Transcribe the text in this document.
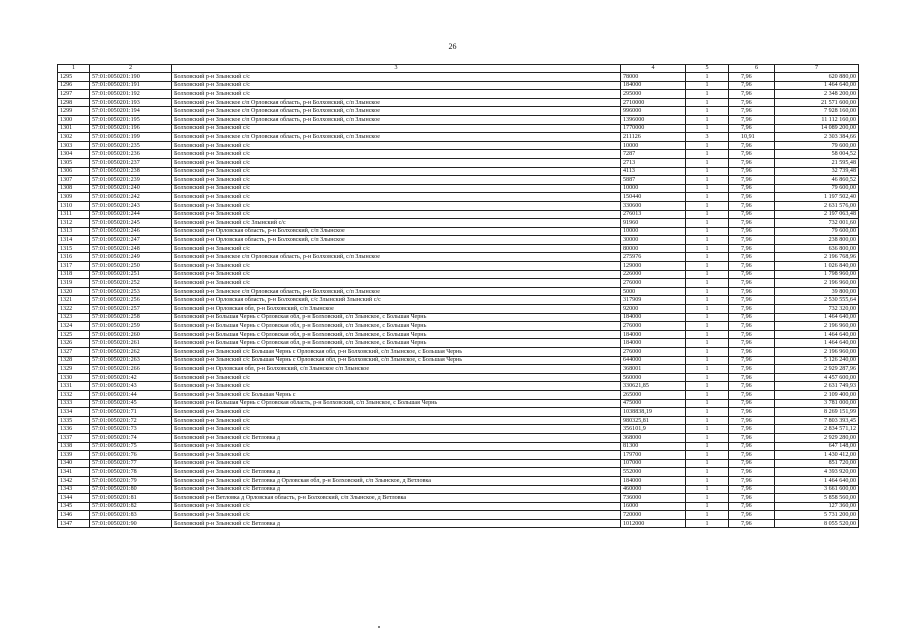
26
1	2	3	4	5	6	7
1295	57:01:0050201:190	Болховский р-н Злынский с/с	78000	1	7,96	620 880,00
1296	57:01:0050201:191	Болховский р-н Злынский с/с	184000	1	7,96	1 464 640,00
1297	57:01:0050201:192	Болховский р-н Злынский с/с	295000	1	7,96	2 348 200,00
1298	57:01:0050201:193	Болховский р-н Злынское с/п Орловская область, р-н Болховский, с/п Злынское	2710000	1	7,96	21 571 600,00
1299	57:01:0050201:194	Болховский р-н Злынское с/п Орловская область, р-н Болховский, с/п Злынское	996000	1	7,96	7 928 160,00
1300	57:01:0050201:195	Болховский р-н Злынское с/п Орловская область, р-н Болховский, с/п Злынское	1396000	1	7,96	11 112 160,00
1301	57:01:0050201:196	Болховский р-н Злынский с/с	1770000	1	7,96	14 089 200,00
1302	57:01:0050201:199	Болховский р-н Злынское с/п Орловская область, р-н Болховский, с/п Злынское	211126	3	10,91	2 303 384,66
1303	57:01:0050201:235	Болховский р-н Злынский с/с	10000	1	7,96	79 600,00
1304	57:01:0050201:236	Болховский р-н Злынский с/с	7287	1	7,96	58 004,52
1305	57:01:0050201:237	Болховский р-н Злынский с/с	2713	1	7,96	21 595,48
1306	57:01:0050201:238	Болховский р-н Злынский с/с	4113	1	7,96	32 739,48
1307	57:01:0050201:239	Болховский р-н Злынский с/с	5887	1	7,96	46 860,52
1308	57:01:0050201:240	Болховский р-н Злынский с/с	10000	1	7,96	79 600,00
1309	57:01:0050201:242	Болховский р-н Злынский с/с	150440	1	7,96	1 197 502,40
1310	57:01:0050201:243	Болховский р-н Злынский с/с	330600	1	7,96	2 631 576,00
1311	57:01:0050201:244	Болховский р-н Злынский с/с	276013	1	7,96	2 197 063,48
1312	57:01:0050201:245	Болховский р-н Злынский с/с Злынский с/с	91960	1	7,96	732 001,60
1313	57:01:0050201:246	Болховский р-н Орловская область, р-н Болховский, с/п Злынское	10000	1	7,96	79 600,00
1314	57:01:0050201:247	Болховский р-н Орловская область, р-н Болховский, с/п Злынское	30000	1	7,96	238 800,00
1315	57:01:0050201:248	Болховский р-н Злынский с/с	80000	1	7,96	636 800,00
1316	57:01:0050201:249	Болховский р-н Злынское с/п Орловская область, р-н Болховский, с/п Злынское	275976	1	7,96	2 196 768,96
1317	57:01:0050201:250	Болховский р-н Злынский с/с	129000	1	7,96	1 026 840,00
1318	57:01:0050201:251	Болховский р-н Злынский с/с	226000	1	7,96	1 798 960,00
1319	57:01:0050201:252	Болховский р-н Злынский с/с	276000	1	7,96	2 196 960,00
1320	57:01:0050201:253	Болховский р-н Злынское с/п Орловская область, р-н Болховский, с/п Злынское	5000	1	7,96	39 800,00
1321	57:01:0050201:256	Болховский р-н Орловская область, р-н Болховский, с/с Злынский Злынский с/с	317909	1	7,96	2 530 555,64
1322	57:01:0050201:257	Болховский р-н Орловская обл, р-н Болховский, с/п Злынское	92000	1	7,96	732 320,00
1323	57:01:0050201:258	Болховский р-н Большая Чернь с Орловская обл, р-н Болховский, с/п Злынское, с Большая Чернь	184000	1	7,96	1 464 640,00
1324	57:01:0050201:259	Болховский р-н Большая Чернь с Орловская обл, р-н Болховский, с/п Злынское, с Большая Чернь	276000	1	7,96	2 196 960,00
1325	57:01:0050201:260	Болховский р-н Большая Чернь с Орловская обл, р-н Болховский, с/п Злынское, с Большая Чернь	184000	1	7,96	1 464 640,00
1326	57:01:0050201:261	Болховский р-н Большая Чернь с Орловская обл, р-н Болховский, с/п Злынское, с Большая Чернь	184000	1	7,96	1 464 640,00
1327	57:01:0050201:262	Болховский р-н Злынский с/с Большая Чернь с Орловская обл, р-н Болховский, с/п Злынское, с Большая Чернь	276000	1	7,96	2 196 960,00
1328	57:01:0050201:263	Болховский р-н Злынский с/с Большая Чернь с Орловская обл, р-н Болховский, с/п Злынское, с Большая Чернь	644000	1	7,96	5 126 240,00
1329	57:01:0050201:266	Болховский р-н Орловская обл, р-н Болховский, с/п Злынское с/п Злынское	368001	1	7,96	2 929 287,96
1330	57:01:0050201:42	Болховский р-н Злынский с/с	560000	1	7,96	4 457 600,00
1331	57:01:0050201:43	Болховский р-н Злынский с/с	330621,85	1	7,96	2 631 749,93
1332	57:01:0050201:44	Болховский р-н Злынский с/с Большая Чернь с	265000	1	7,96	2 109 400,00
1333	57:01:0050201:45	Болховский р-н Большая Чернь с Орловская область, р-н Болховский, с/п Злынское, с Большая Чернь	475000	1	7,96	3 781 000,00
1334	57:01:0050201:71	Болховский р-н Злынский с/с	1038838,19	1	7,96	8 269 151,99
1335	57:01:0050201:72	Болховский р-н Злынский с/с	980325,81	1	7,96	7 803 393,45
1336	57:01:0050201:73	Болховский р-н Злынский с/с	356101,9	1	7,96	2 834 571,12
1337	57:01:0050201:74	Болховский р-н Злынский с/с Ветловка д	368000	1	7,96	2 929 280,00
1338	57:01:0050201:75	Болховский р-н Злынский с/с	81300	1	7,96	647 148,00
1339	57:01:0050201:76	Болховский р-н Злынский с/с	179700	1	7,96	1 430 412,00
1340	57:01:0050201:77	Болховский р-н Злынский с/с	107000	1	7,96	851 720,00
1341	57:01:0050201:78	Болховский р-н Злынский с/с Ветловка д	552000	1	7,96	4 393 920,00
1342	57:01:0050201:79	Болховский р-н Злынский с/с Ветловка д Орловская обл, р-н Болховский, с/п Злынское, д Ветловка	184000	1	7,96	1 464 640,00
1343	57:01:0050201:80	Болховский р-н Злынский с/с Ветловка д	460000	1	7,96	3 661 600,00
1344	57:01:0050201:81	Болховский р-н Ветловка д Орловская область, р-н Болховский, с/п Злынское, д Ветловка	736000	1	7,96	5 858 560,00
1345	57:01:0050201:82	Болховский р-н Злынский с/с	16000	1	7,96	127 360,00
1346	57:01:0050201:83	Болховский р-н Злынский с/с	720000	1	7,96	5 731 200,00
1347	57:01:0050201:90	Болховский р-н Злынский с/с Ветловка д	1012000	1	7,96	8 055 520,00
